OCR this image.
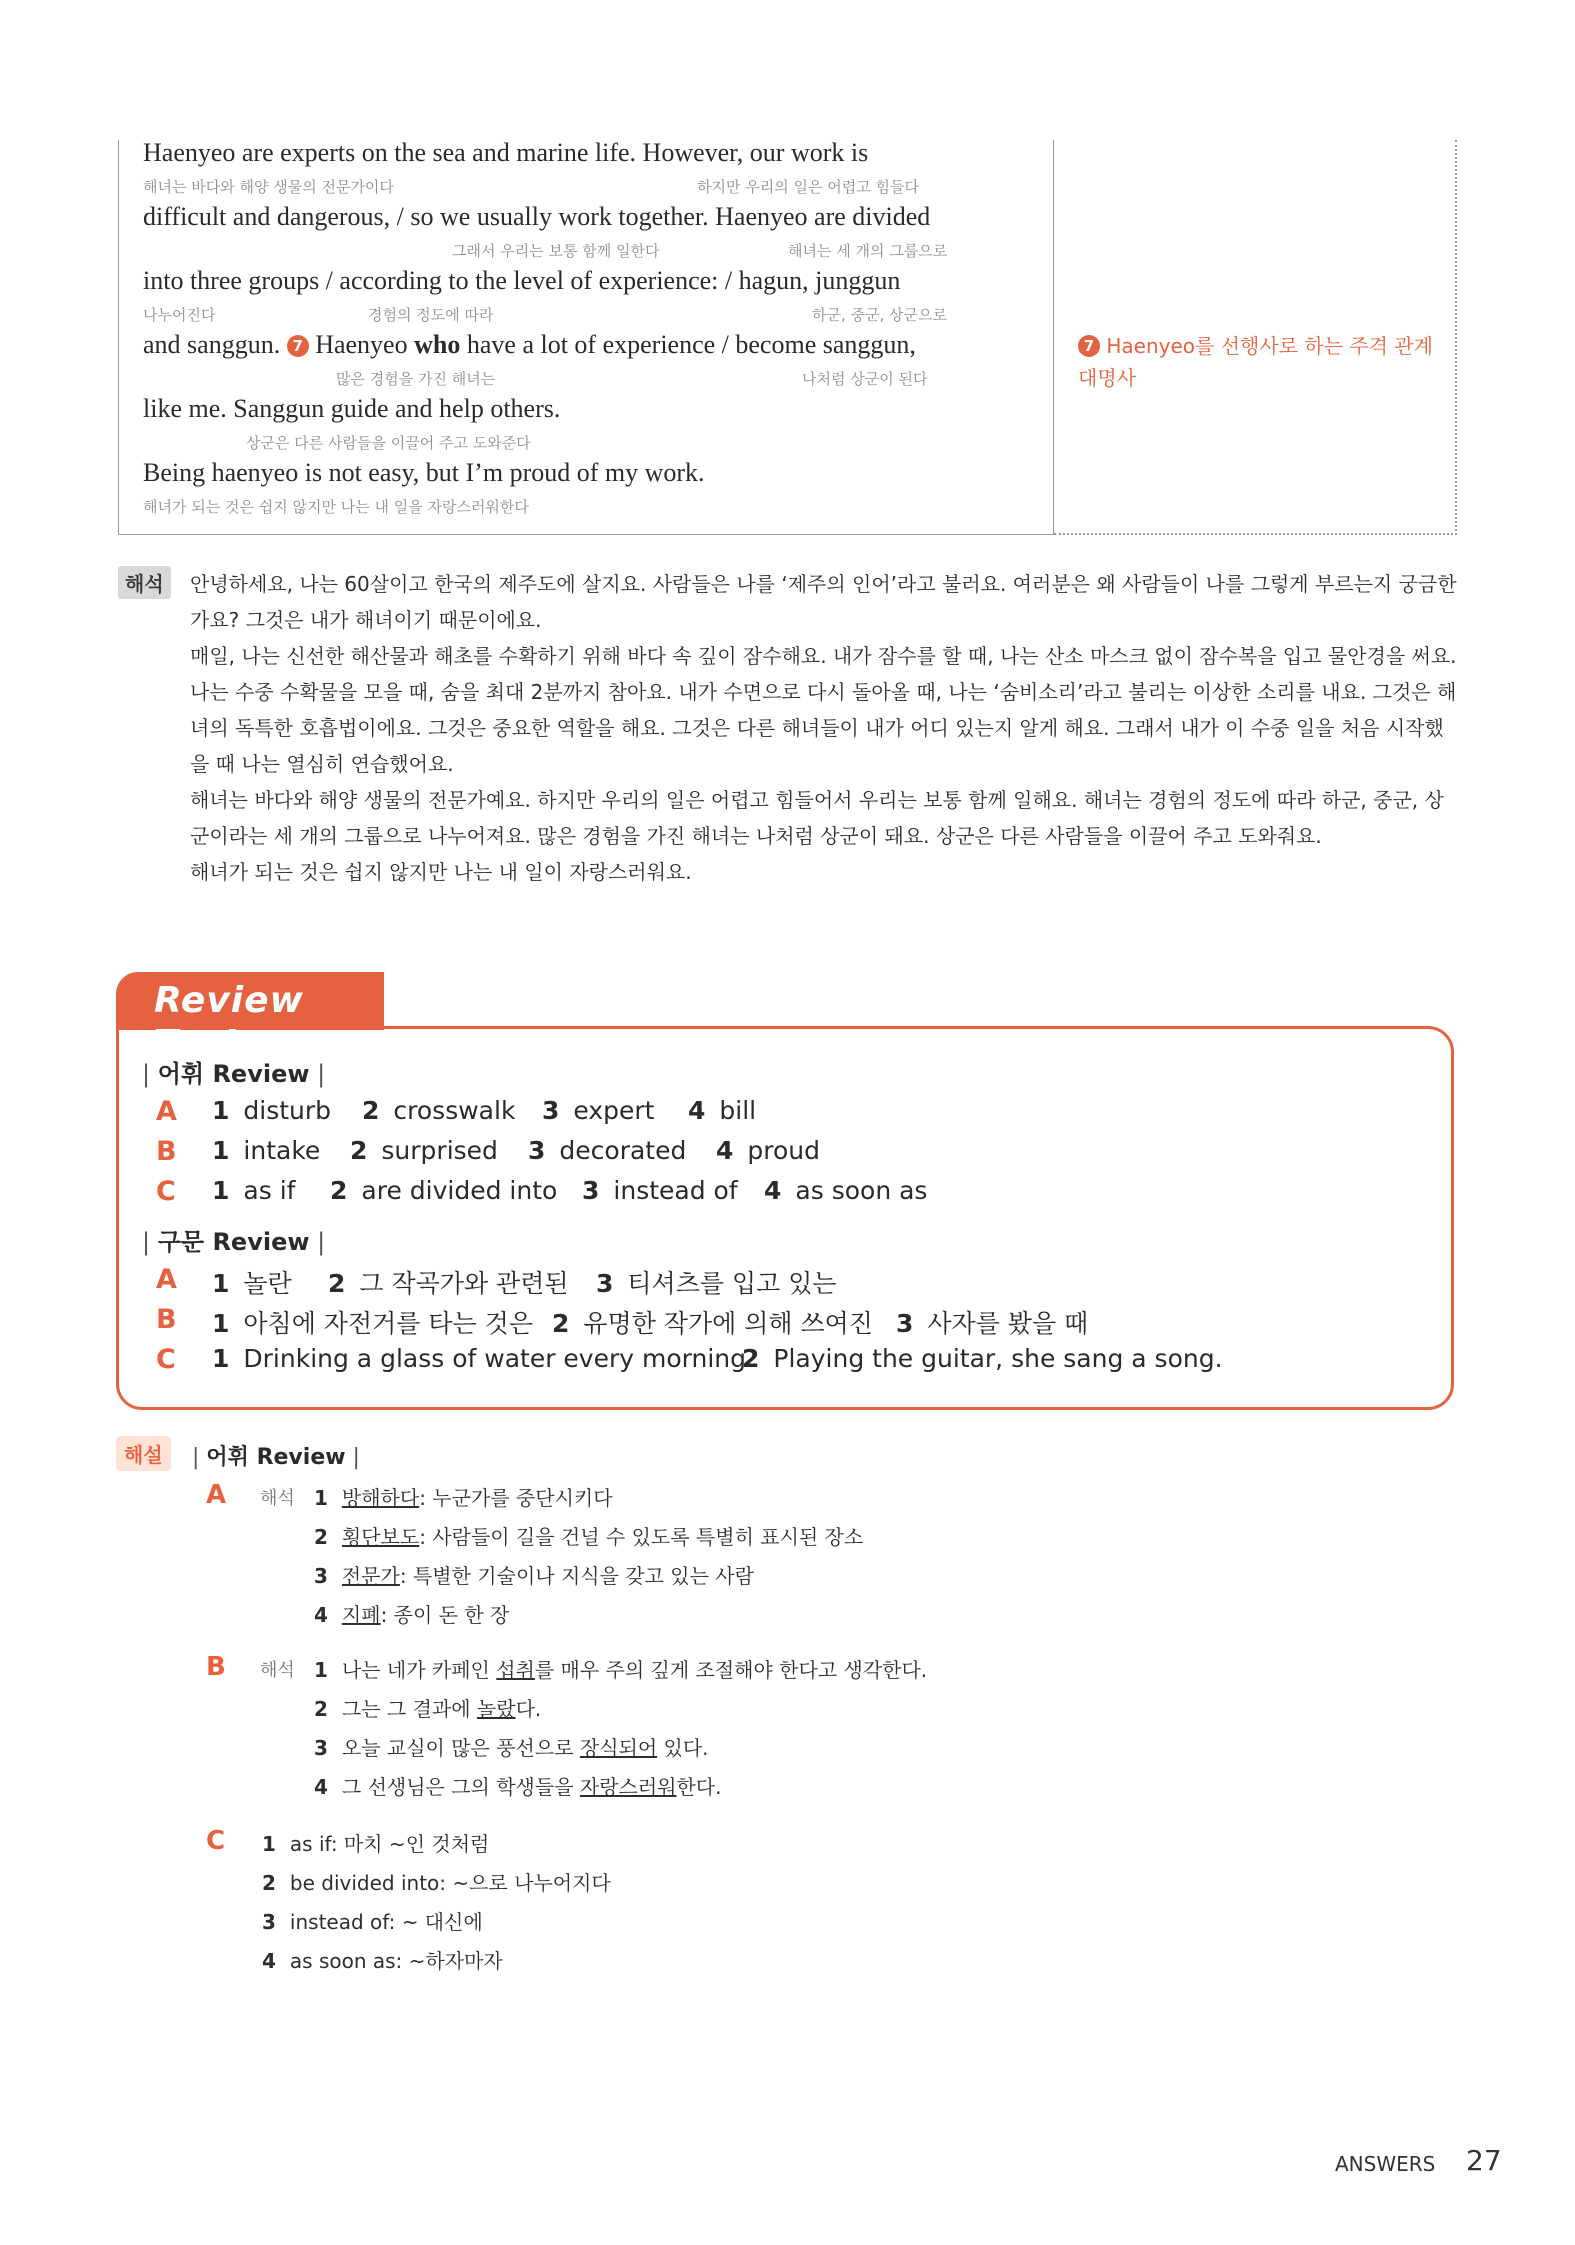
Haenyeo are experts on the sea and marine life. However, our work is
해녀는 바다와 해양 생물의 전문가이다	하지만 우리의 일은 어렵고 힘들다
difficult and dangerous, / so we usually work together. Haenyeo are divided
그래서 우리는 보통 함께 일한다	해녀는 세 개의 그룹으로
into three groups / according to the level of experience: / hagun, junggun
나누어진다	경험의 정도에 따라	하군, 중군, 상군으로
and sanggun. 7 Haenyeo who have a lot of experience / become sanggun,
많은 경험을 가진 해녀는	나처럼 상군이 된다
like me. Sanggun guide and help others.
상군은 다른 사람들을 이끌어 주고 도와준다
Being haenyeo is not easy, but I’m proud of my work.
해녀가 되는 것은 쉽지 않지만 나는 내 일을 자랑스러워한다
7 Haenyeo를 선행사로 하는 주격 관계대명사
해석	안녕하세요, 나는 60살이고 한국의 제주도에 살지요. 사람들은 나를 ‘제주의 인어’라고 불러요. 여러분은 왜 사람들이 나를 그렇게 부르는지 궁금한가요? 그것은 내가 해녀이기 때문이에요.

매일, 나는 신선한 해산물과 해초를 수확하기 위해 바다 속 깊이 잠수해요. 내가 잠수를 할 때, 나는 산소 마스크 없이 잠수복을 입고 물안경을 써요. 나는 수중 수확물을 모을 때, 숨을 최대 2분까지 참아요. 내가 수면으로 다시 돌아올 때, 나는 ‘숨비소리’라고 불리는 이상한 소리를 내요. 그것은 해녀의 독특한 호흡법이에요. 그것은 중요한 역할을 해요. 그것은 다른 해녀들이 내가 어디 있는지 알게 해요. 그래서 내가 이 수중 일을 처음 시작했을 때 나는 열심히 연습했어요.

해녀는 바다와 해양 생물의 전문가예요. 하지만 우리의 일은 어렵고 힘들어서 우리는 보통 함께 일해요. 해녀는 경험의 정도에 따라 하군, 중군, 상군이라는 세 개의 그룹으로 나누어져요. 많은 경험을 가진 해녀는 나처럼 상군이 돼요. 상군은 다른 사람들을 이끌어 주고 도와줘요.

해녀가 되는 것은 쉽지 않지만 나는 내 일이 자랑스러워요.

Review Test
| 어휘 Review |
A 1 disturb 2 crosswalk 3 expert 4 bill
B 1 intake 2 surprised 3 decorated 4 proud
C 1 as if 2 are divided into 3 instead of 4 as soon as
| 구문 Review |
A 1 놀란 2 그 작곡가와 관련된 3 티셔츠를 입고 있는
B 1 아침에 자전거를 타는 것은 2 유명한 작가에 의해 쓰여진 3 사자를 봤을 때
C 1 Drinking a glass of water every morning
2 Playing the guitar, she sang a song.
해설	| 어휘 Review |
A 해석 1 방해하다: 누군가를 중단시키다
2 횡단보도: 사람들이 길을 건널 수 있도록 특별히 표시된 장소
3 전문가: 특별한 기술이나 지식을 갖고 있는 사람
4 지폐: 종이 돈 한 장
B 해석 1 나는 네가 카페인 섭취를 매우 주의 깊게 조절해야 한다고 생각한다.
2 그는 그 결과에 놀랐다.
3 오늘 교실이 많은 풍선으로 장식되어 있다.
4 그 선생님은 그의 학생들을 자랑스러워한다.
C 1 as if: 마치 ~인 것처럼
2 be divided into: ~으로 나누어지다
3 instead of: ~ 대신에
4 as soon as: ~하자마자
ANSWERS 27
